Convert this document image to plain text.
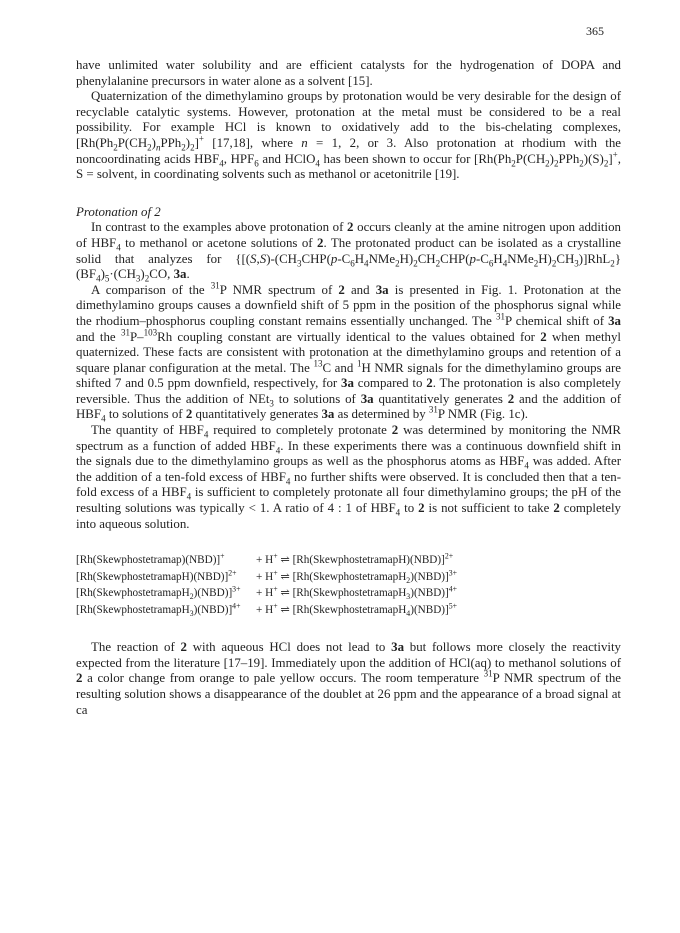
365

have unlimited water solubility and are efficient catalysts for the hydrogenation of DOPA and phenylalanine precursors in water alone as a solvent [15].

Quaternization of the dimethylamino groups by protonation would be very desirable for the design of recyclable catalytic systems. However, protonation at the metal must be considered to be a real possibility. For example HCl is known to oxidatively add to the bis-chelating complexes, $[Rh(Ph_2P(CH_2)_nPPh_2)_2]^+$ [17,18], where n = 1, 2, or 3. Also protonation at rhodium with the noncoordinating acids $HBF_4$, $HPF_6$ and HClO$_4$ has been shown to occur for $[Rh(Ph_2P(CH_2)_2PPh_2)(S)_2]^+$, S = solvent, in coordinating solvents such as methanol or acetonitrile [19].

Protonation of 2

In contrast to the examples above protonation of 2 occurs cleanly at the amine nitrogen upon addition of $HBF_4$ to methanol or acetone solutions of 2. The protonated product can be isolated as a crystalline solid that analyzes for $\{[(S,S)-(CH_3CHP(p-C_6H_4NMe_2H)_2CH_2CHP(p-C_6H_4NMe_2H)_2CH_3)]RhL_2\}(BF_4)_5\cdot(CH_3)_2CO$, 3a.

A comparison of the $^{31}$P NMR spectrum of 2 and 3a is presented in Fig. 1. Protonation at the dimethylamino groups causes a downfield shift of 5 ppm in the position of the phosphorus signal while the rhodium–phosphorus coupling constant remains essentially unchanged. The $^{31}$P chemical shift of 3a and the $^{31}$P–$^{103}$Rh coupling constant are virtually identical to the values obtained for 2 when methyl quaternized. These facts are consistent with protonation at the dimethylamino groups and retention of a square planar configuration at the metal. The $^{13}$C and $^1$H NMR signals for the dimethylamino groups are shifted 7 and 0.5 ppm downfield, respectively, for 3a compared to 2. The protonation is also completely reversible. Thus the addition of NEt$_3$ to solutions of 3a quantitatively generates 2 and the addition of $HBF_4$ to solutions of 2 quantitatively generates 3a as determined by $^{31}$P NMR (Fig. 1c).

The quantity of $HBF_4$ required to completely protonate 2 was determined by monitoring the NMR spectrum as a function of added $HBF_4$. In these experiments there was a continuous downfield shift in the signals due to the dimethylamino groups as well as the phosphorus atoms as $HBF_4$ was added. After the addition of a ten-fold excess of $HBF_4$ no further shifts were observed. It is concluded then that a ten-fold excess of a $HBF_4$ is sufficient to completely protonate all four dimethylamino groups; the pH of the resulting solutions was typically < 1. A ratio of 4 : 1 of $HBF_4$ to 2 is not sufficient to take 2 completely into aqueous solution.

[Rh(Skewphostetramap)(NBD)]+	+ H+ ⇌ [Rh(SkewphostetramapH)(NBD)]$^{2+}$
[Rh(SkewphostetramapH)(NBD)]$^{2+}$	+ H+ ⇌ [Rh(SkewphostetramapH$_2$)(NBD)]$^{3+}$
[Rh(SkewphostetramapH$_2$)(NBD)]$^{3+}$	+ H+ ⇌ [Rh(SkewphostetramapH$_3$)(NBD)]$^{4+}$
[Rh(SkewphostetramapH$_3$)(NBD)]$^{4+}$	+ H+ ⇌ [Rh(SkewphostetramapH$_4$)(NBD)]$^{5+}$

The reaction of 2 with aqueous HCl does not lead to 3a but follows more closely the reactivity expected from the literature [17–19]. Immediately upon the addition of HCl(aq) to methanol solutions of 2 a color change from orange to pale yellow occurs. The room temperature $^{31}$P NMR spectrum of the resulting solution shows a disappearance of the doublet at 26 ppm and the appearance of a broad signal at ca
